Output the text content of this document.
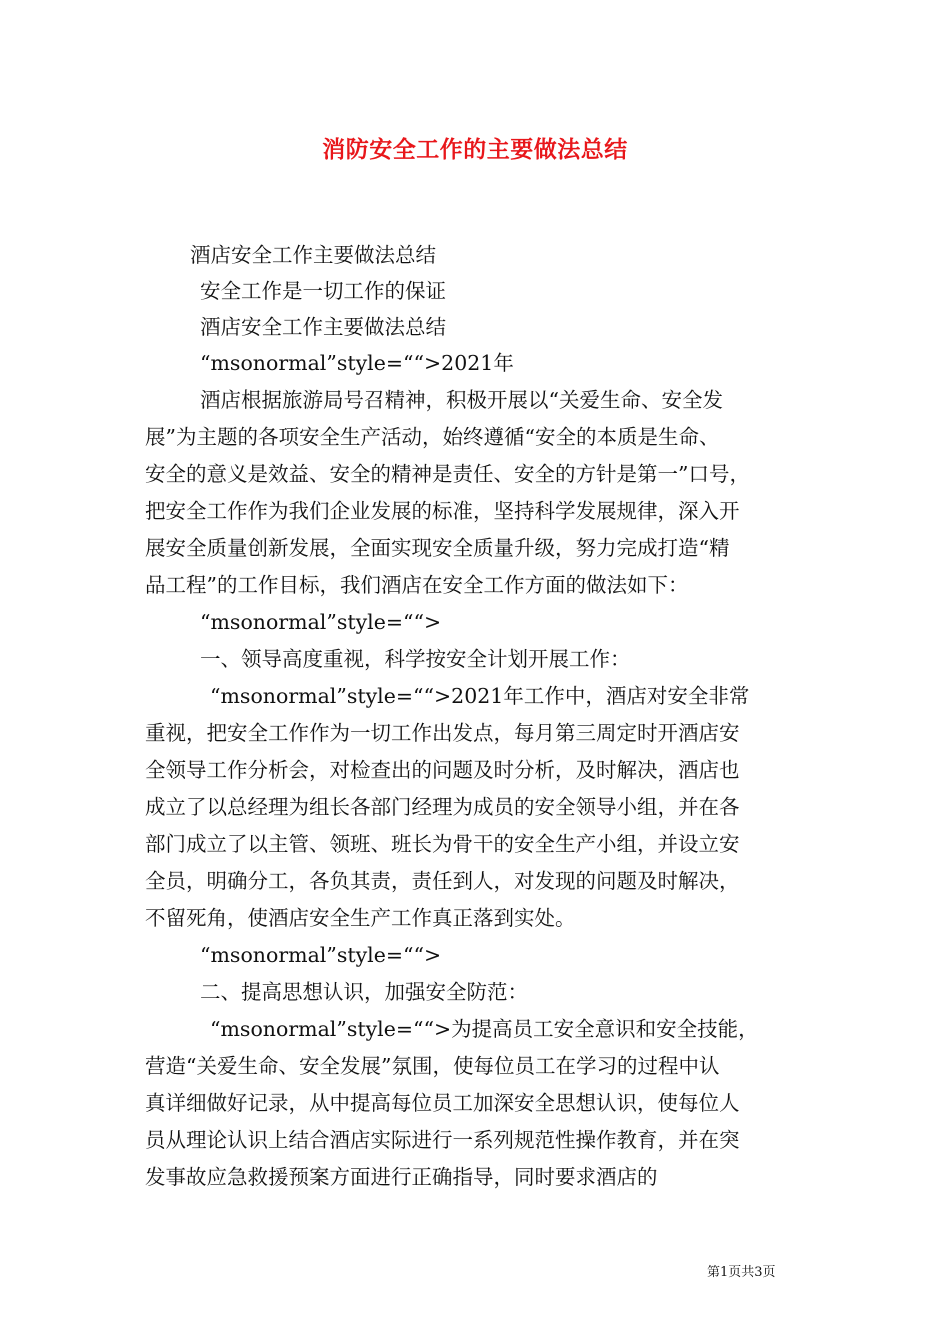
消防安全工作的主要做法总结
酒店安全工作主要做法总结
安全工作是一切工作的保证
酒店安全工作主要做法总结
“msonormal”style=““>2021年
酒店根据旅游局号召精神，积极开展以“关爱生命、安全发
展”为主题的各项安全生产活动，始终遵循“安全的本质是生命、
安全的意义是效益、安全的精神是责任、安全的方针是第一”口号，
把安全工作作为我们企业发展的标准，坚持科学发展规律，深入开
展安全质量创新发展，全面实现安全质量升级，努力完成打造“精
品工程”的工作目标，我们酒店在安全工作方面的做法如下：
“msonormal”style=““>
一、领导高度重视，科学按安全计划开展工作：
“msonormal”style=““>2021年工作中，酒店对安全非常
重视，把安全工作作为一切工作出发点，每月第三周定时开酒店安
全领导工作分析会，对检查出的问题及时分析，及时解决，酒店也
成立了以总经理为组长各部门经理为成员的安全领导小组，并在各
部门成立了以主管、领班、班长为骨干的安全生产小组，并设立安
全员，明确分工，各负其责，责任到人，对发现的问题及时解决，
不留死角，使酒店安全生产工作真正落到实处。
“msonormal”style=““>
二、提高思想认识，加强安全防范：
“msonormal”style=““>为提高员工安全意识和安全技能，
营造“关爱生命、安全发展”氛围，使每位员工在学习的过程中认
真详细做好记录，从中提高每位员工加深安全思想认识，使每位人
员从理论认识上结合酒店实际进行一系列规范性操作教育，并在突
发事故应急救援预案方面进行正确指导，同时要求酒店的
第1页共3页
